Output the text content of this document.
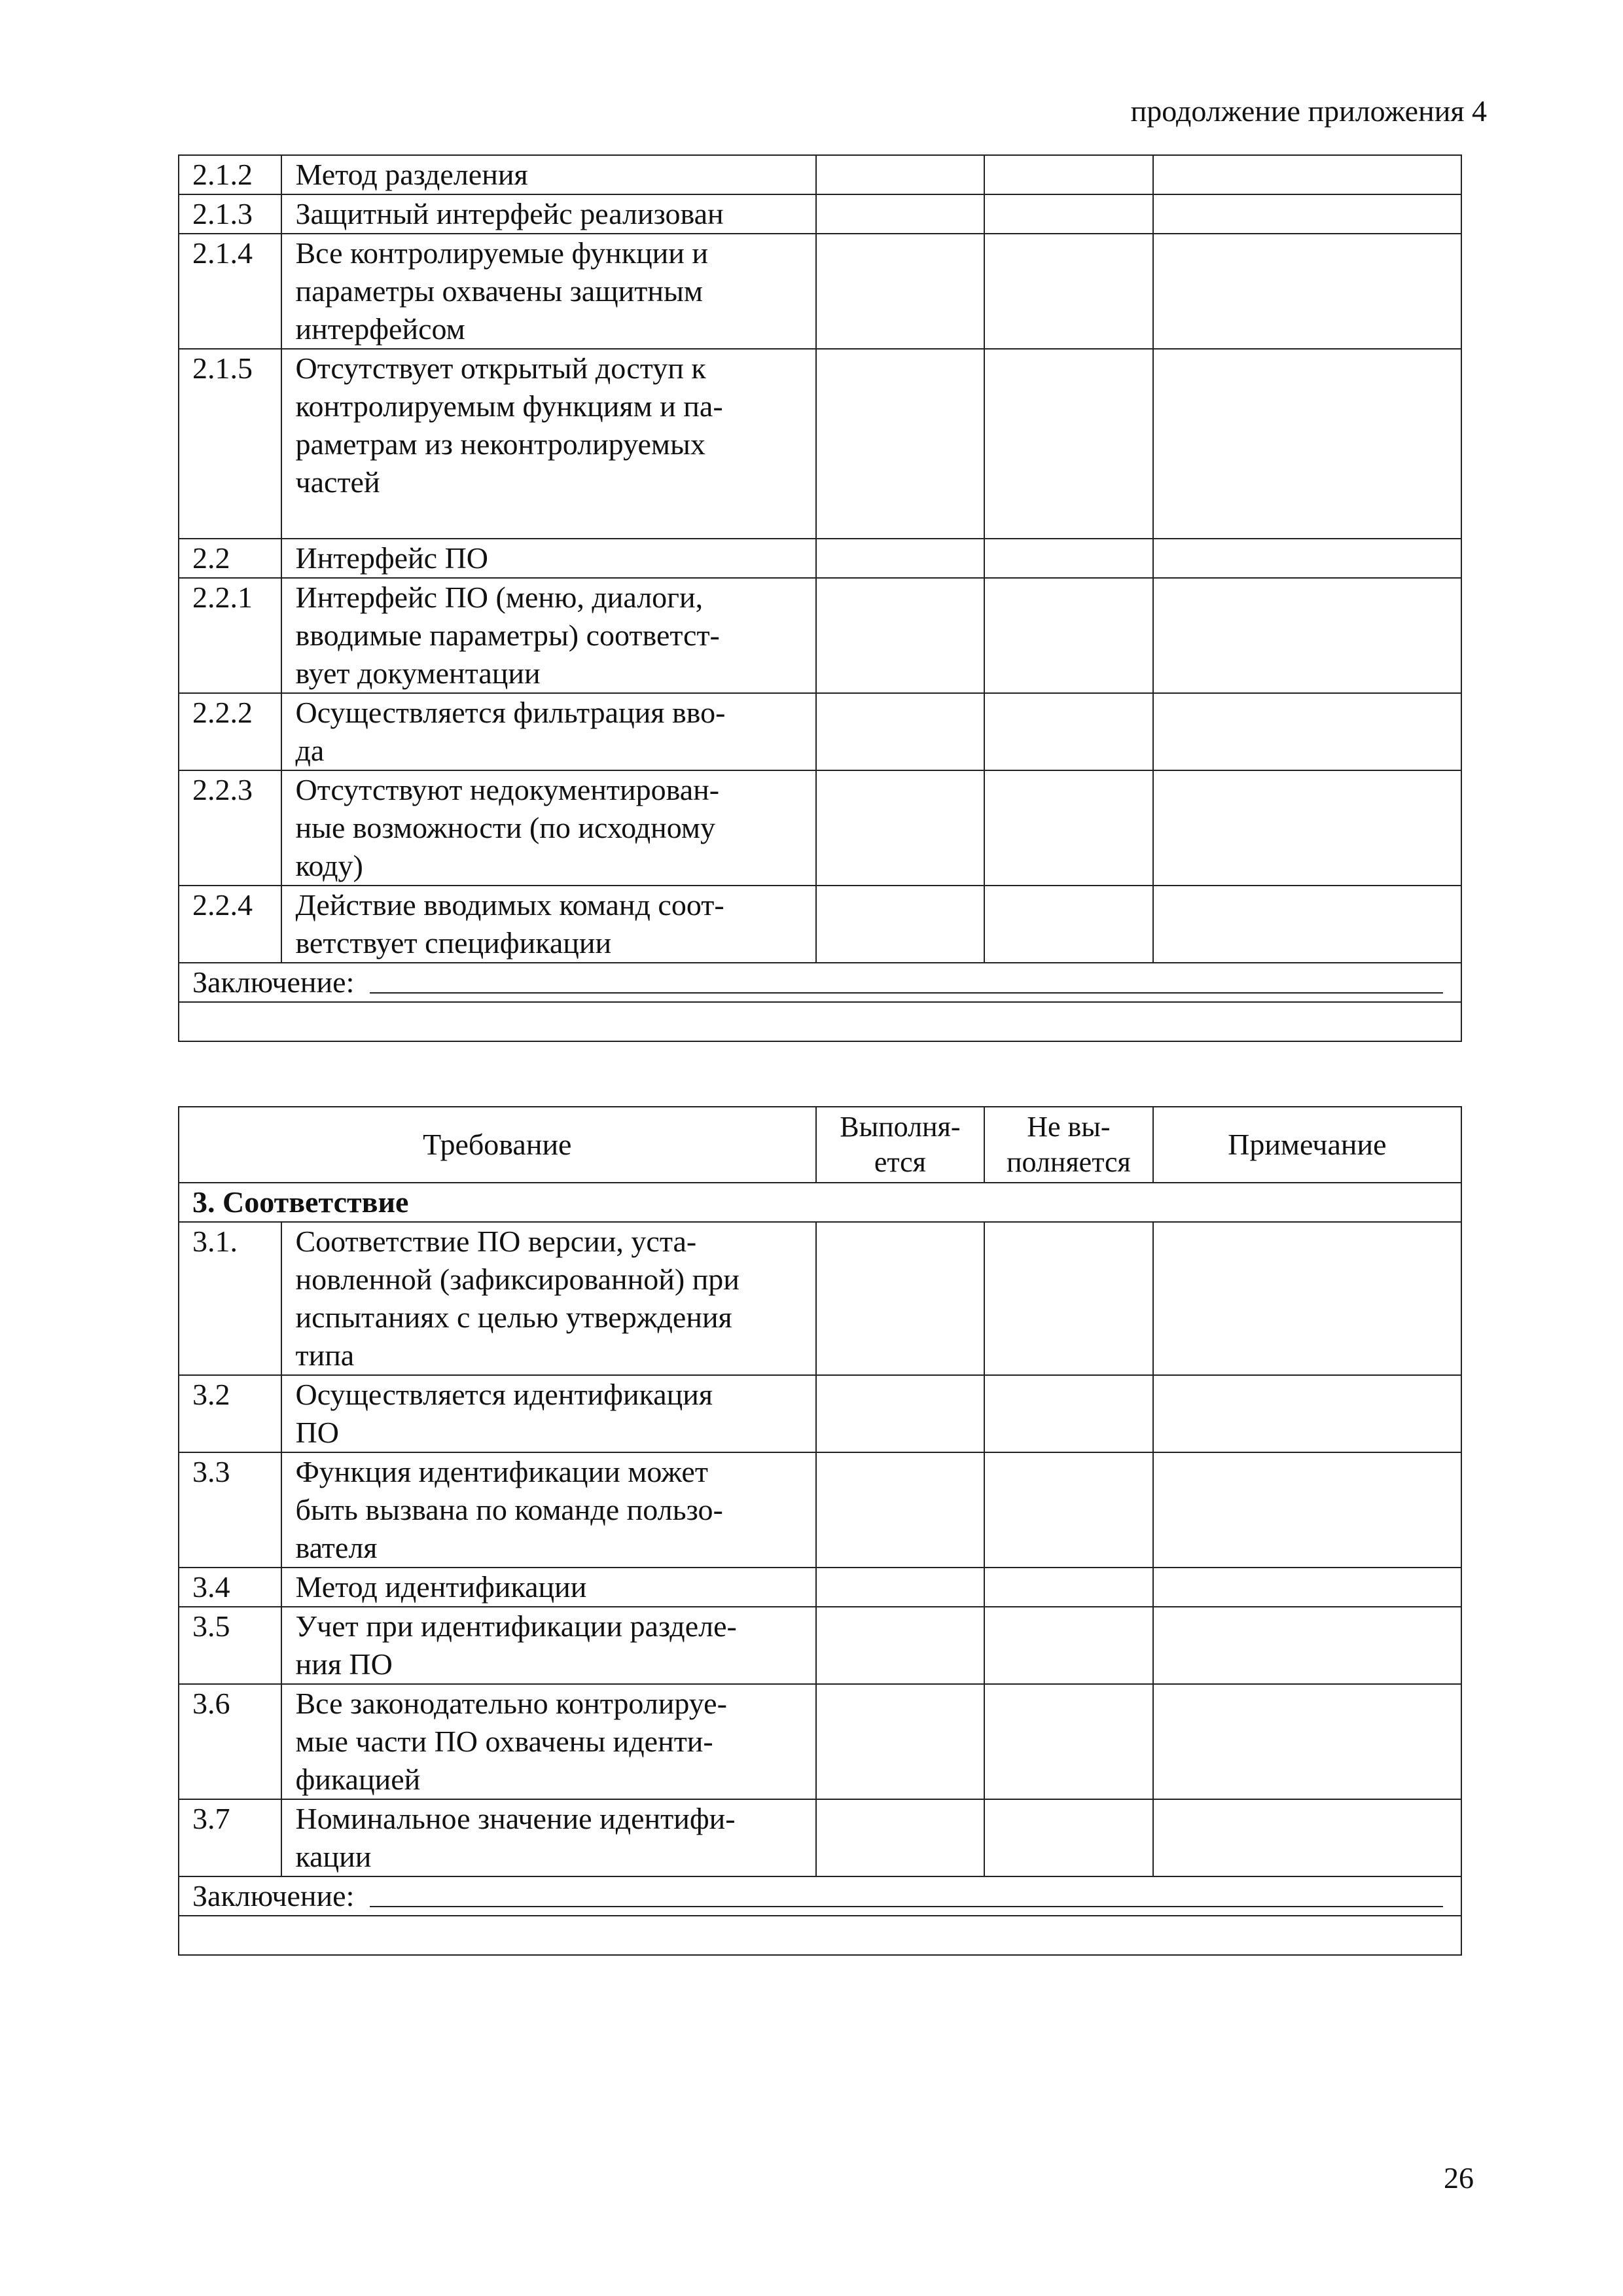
продолжение приложения 4
2.1.2	Метод разделения			

2.1.3	Защитный интерфейс реализован			

2.1.4	Все контролируемые функции и
параметры охвачены защитным
интерфейсом			

2.1.5	Отсутствует открытый доступ к
контролируемым функциям и па-
раметрам из неконтролируемых
частей			

2.2	Интерфейс ПО			

2.2.1	Интерфейс ПО (меню, диалоги,
вводимые параметры) соответст-
вует документации			

2.2.2	Осуществляется фильтрация вво-
да			

2.2.3	Отсутствуют недокументирован-
ные возможности (по исходному
коду)			

2.2.4	Действие вводимых команд соот-
ветствует спецификации			

Заключение:				

Требование		Выполня-
ется	Не вы-
полняется	Примечание
3. Соответствие				
3.1.	Соответствие ПО версии, уста-
новленной (зафиксированной) при
испытаниях с целью утверждения
типа			

3.2	Осуществляется идентификация
ПО			

3.3	Функция идентификации может
быть вызвана по команде пользо-
вателя			

3.4	Метод идентификации			

3.5	Учет при идентификации разделе-
ния ПО			

3.6	Все законодательно контролируе-
мые части ПО охвачены иденти-
фикацией			

3.7	Номинальное значение идентифи-
кации			

Заключение:				

26
